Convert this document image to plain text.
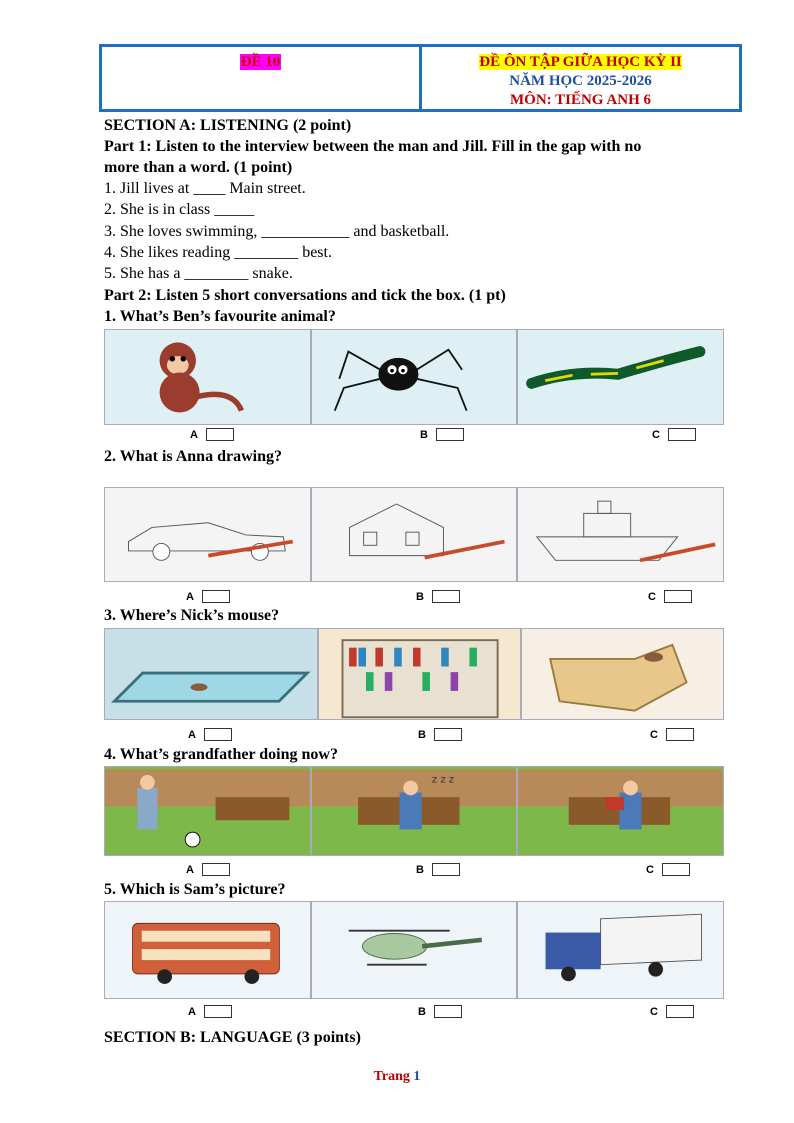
ĐỀ 10	ĐỀ ÔN TẬP GIỮA HỌC KỲ II
NĂM HỌC 2025-2026
MÔN: TIẾNG ANH 6
SECTION A: LISTENING (2 point)
Part 1: Listen to the interview between the man and Jill. Fill in the gap with no
more than a word. (1 point)
1. Jill lives at ____ Main street.
2. She is in class _____
3. She loves swimming, ___________ and basketball.
4. She likes reading ________ best.
5. She has a ________ snake.
Part 2: Listen 5 short conversations and tick the box. (1 pt)
1. What’s Ben’s favourite animal?
A	B	C
2. What is Anna drawing?
A	B	C
3. Where’s Nick’s mouse?
A	B	C
4. What’s grandfather doing now?
z z z
A	B	C
5. Which is Sam’s picture?
A	B	C
SECTION B: LANGUAGE (3 points)
Trang 1
